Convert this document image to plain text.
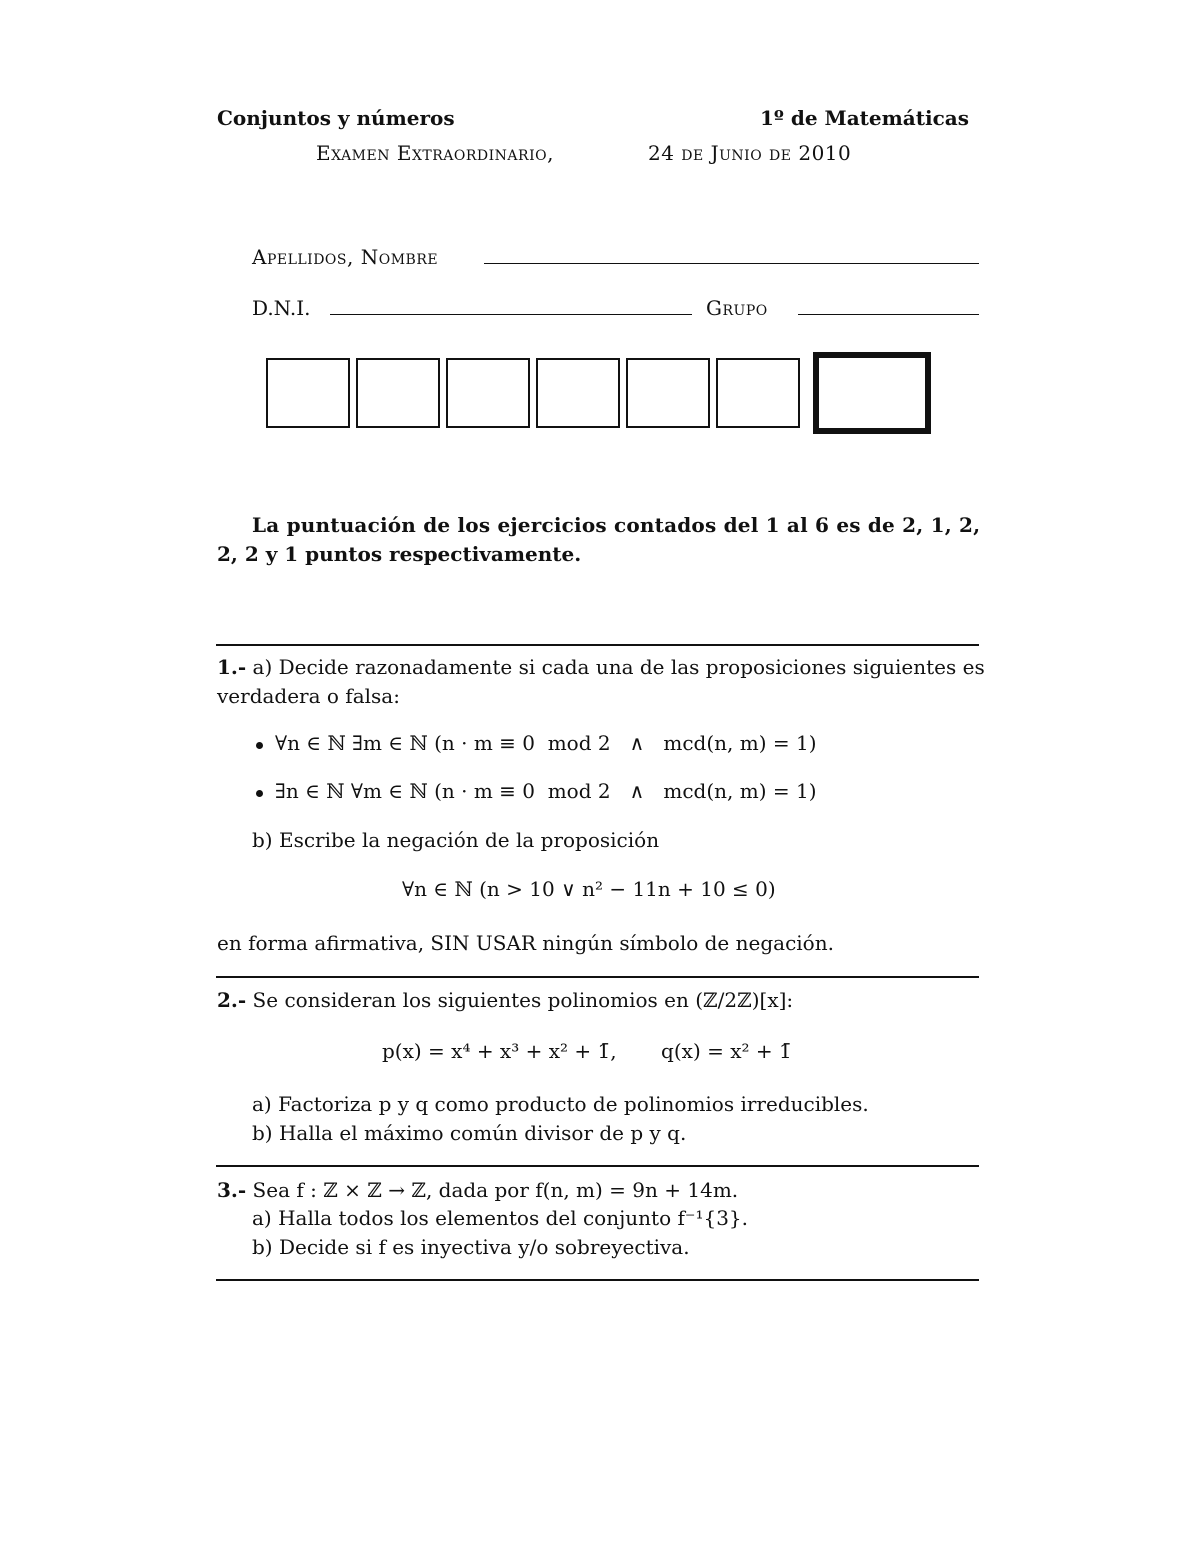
Conjuntos y números	1º de Matemáticas
Examen Extraordinario,	24 de Junio de 2010
Apellidos, Nombre
D.N.I.	Grupo
La puntuación de los ejercicios contados del 1 al 6 es de 2, 1, 2,
2, 2 y 1 puntos respectivamente.
1.- a) Decide razonadamente si cada una de las proposiciones siguientes es
verdadera o falsa:
∀n ∈ ℕ ∃m ∈ ℕ (n · m ≡ 0  mod 2   ∧   mcd(n, m) = 1)
∃n ∈ ℕ ∀m ∈ ℕ (n · m ≡ 0  mod 2   ∧   mcd(n, m) = 1)
b) Escribe la negación de la proposición
∀n ∈ ℕ (n > 10 ∨ n² − 11n + 10 ≤ 0)
en forma afirmativa, SIN USAR ningún símbolo de negación.
2.- Se consideran los siguientes polinomios en (ℤ/2ℤ)[x]:
p(x) = x⁴ + x³ + x² + 1̄,       q(x) = x² + 1̄
a) Factoriza p y q como producto de polinomios irreducibles.
b) Halla el máximo común divisor de p y q.
3.- Sea f : ℤ × ℤ → ℤ, dada por f(n, m) = 9n + 14m.
a) Halla todos los elementos del conjunto f⁻¹{3}.
b) Decide si f es inyectiva y/o sobreyectiva.
